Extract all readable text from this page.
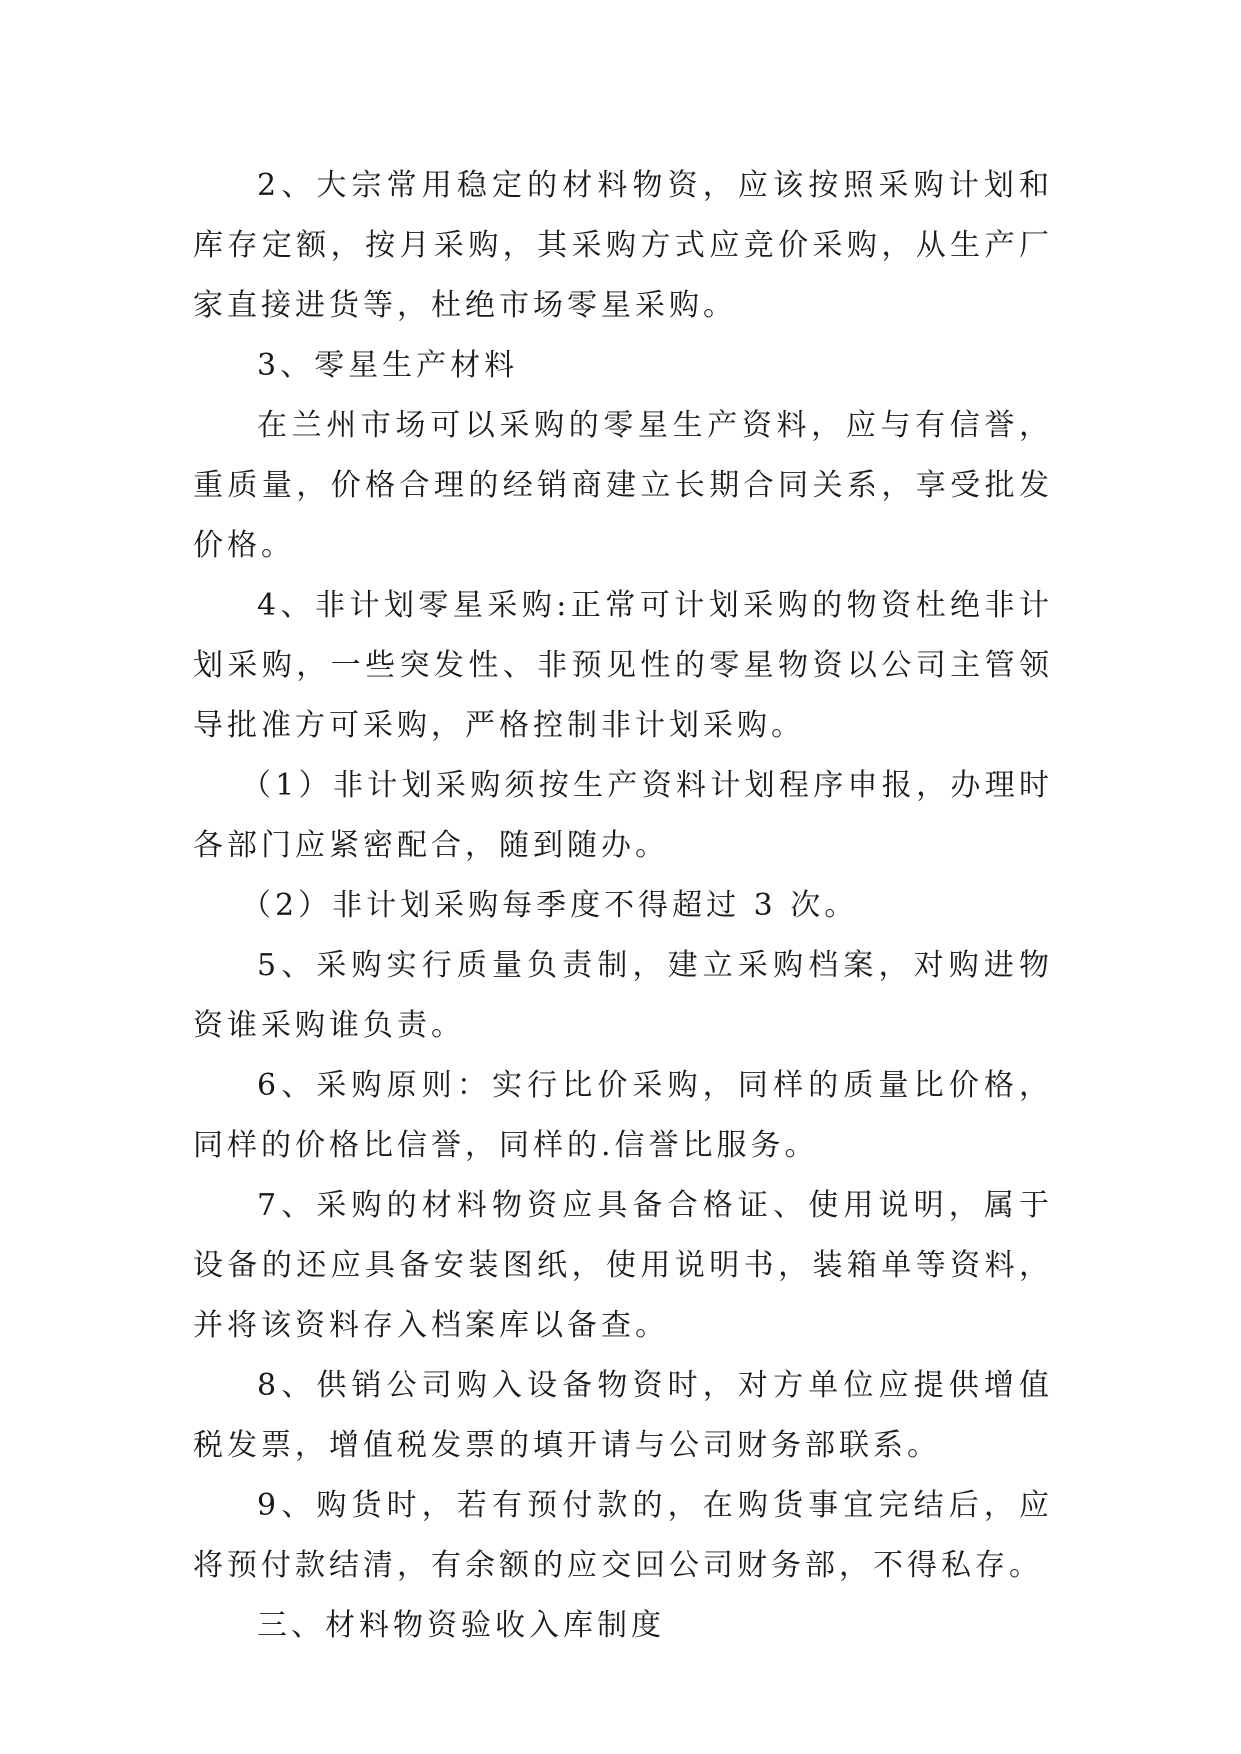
2、大宗常用稳定的材料物资，应该按照采购计划和库存定额，按月采购，其采购方式应竞价采购，从生产厂家直接进货等，杜绝市场零星采购。

3、零星生产材料

在兰州市场可以采购的零星生产资料，应与有信誉，重质量，价格合理的经销商建立长期合同关系，享受批发价格。

4、非计划零星采购:正常可计划采购的物资杜绝非计划采购，一些突发性、非预见性的零星物资以公司主管领导批准方可采购，严格控制非计划采购。

（1）非计划采购须按生产资料计划程序申报，办理时各部门应紧密配合，随到随办。

（2）非计划采购每季度不得超过 3 次。

5、采购实行质量负责制，建立采购档案，对购进物资谁采购谁负责。

6、采购原则：实行比价采购，同样的质量比价格，同样的价格比信誉，同样的.信誉比服务。

7、采购的材料物资应具备合格证、使用说明，属于设备的还应具备安装图纸，使用说明书，装箱单等资料，并将该资料存入档案库以备查。

8、供销公司购入设备物资时，对方单位应提供增值税发票，增值税发票的填开请与公司财务部联系。

9、购货时，若有预付款的，在购货事宜完结后，应将预付款结清，有余额的应交回公司财务部，不得私存。

三、材料物资验收入库制度
